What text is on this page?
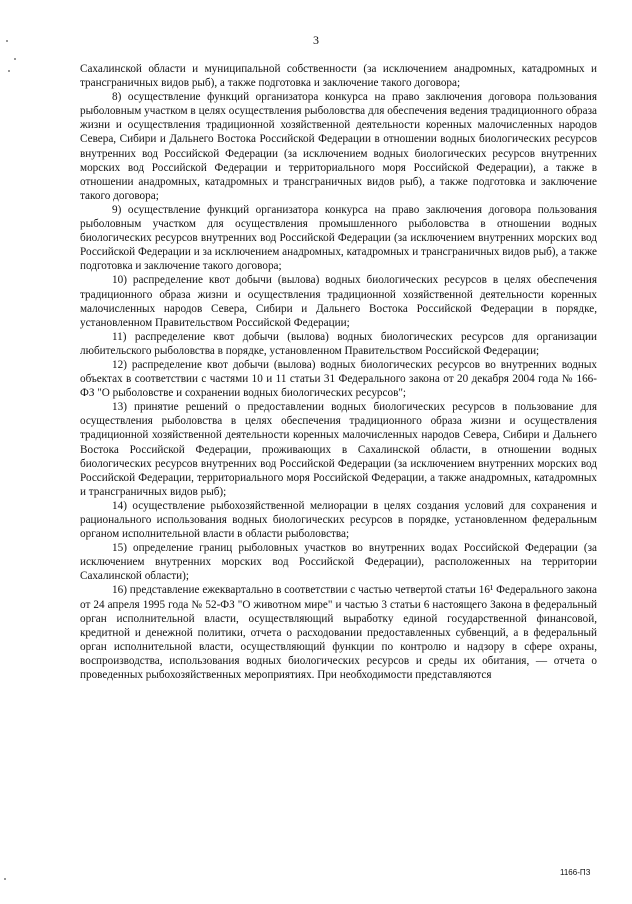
3

Сахалинской области и муниципальной собственности (за исключением анадромных, катадромных и трансграничных видов рыб), а также подготовка и заключение такого договора;

8) осуществление функций организатора конкурса на право заключения договора пользования рыболовным участком в целях осуществления рыболовства для обеспечения ведения традиционного образа жизни и осуществления традиционной хозяйственной деятельности коренных малочисленных народов Севера, Сибири и Дальнего Востока Российской Федерации в отношении водных биологических ресурсов внутренних вод Российской Федерации (за исключением водных биологических ресурсов внутренних морских вод Российской Федерации и территориального моря Российской Федерации), а также в отношении анадромных, катадромных и трансграничных видов рыб), а также подготовка и заключение такого договора;

9) осуществление функций организатора конкурса на право заключения договора пользования рыболовным участком для осуществления промышленного рыболовства в отношении водных биологических ресурсов внутренних вод Российской Федерации (за исключением внутренних морских вод Российской Федерации и за исключением анадромных, катадромных и трансграничных видов рыб), а также подготовка и заключение такого договора;

10) распределение квот добычи (вылова) водных биологических ресурсов в целях обеспечения традиционного образа жизни и осуществления традиционной хозяйственной деятельности коренных малочисленных народов Севера, Сибири и Дальнего Востока Российской Федерации в порядке, установленном Правительством Российской Федерации;

11) распределение квот добычи (вылова) водных биологических ресурсов для организации любительского рыболовства в порядке, установленном Правительством Российской Федерации;

12) распределение квот добычи (вылова) водных биологических ресурсов во внутренних водных объектах в соответствии с частями 10 и 11 статьи 31 Федерального закона от 20 декабря 2004 года № 166-ФЗ "О рыболовстве и сохранении водных биологических ресурсов";

13) принятие решений о предоставлении водных биологических ресурсов в пользование для осуществления рыболовства в целях обеспечения традиционного образа жизни и осуществления традиционной хозяйственной деятельности коренных малочисленных народов Севера, Сибири и Дальнего Востока Российской Федерации, проживающих в Сахалинской области, в отношении водных биологических ресурсов внутренних вод Российской Федерации (за исключением внутренних морских вод Российской Федерации, территориального моря Российской Федерации, а также анадромных, катадромных и трансграничных видов рыб);

14) осуществление рыбохозяйственной мелиорации в целях создания условий для сохранения и рационального использования водных биологических ресурсов в порядке, установленном федеральным органом исполнительной власти в области рыболовства;

15) определение границ рыболовных участков во внутренних водах Российской Федерации (за исключением внутренних морских вод Российской Федерации), расположенных на территории Сахалинской области);

16) представление ежеквартально в соответствии с частью четвертой статьи 16¹ Федерального закона от 24 апреля 1995 года № 52-ФЗ "О животном мире" и частью 3 статьи 6 настоящего Закона в федеральный орган исполнительной власти, осуществляющий выработку единой государственной финансовой, кредитной и денежной политики, отчета о расходовании предоставленных субвенций, а в федеральный орган исполнительной власти, осуществляющий функции по контролю и надзору в сфере охраны, воспроизводства, использования водных биологических ресурсов и среды их обитания, — отчета о проведенных рыбохозяйственных мероприятиях. При необходимости представляются

1166-ПЗ
